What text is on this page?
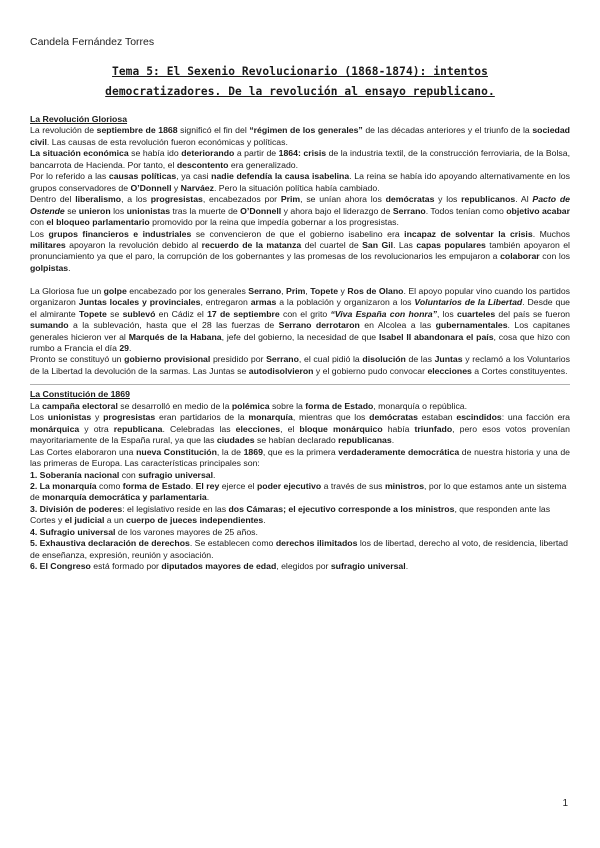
Candela Fernández Torres
Tema 5: El Sexenio Revolucionario (1868-1874): intentos
democratizadores. De la revolución al ensayo republicano.

La Revolución Gloriosa

La revolución de septiembre de 1868 significó el fin del “régimen de los generales” de las décadas anteriores y el triunfo de la sociedad civil. Las causas de esta revolución fueron económicas y políticas.

La situación económica se había ido deteriorando a partir de 1864: crisis de la industria textil, de la construcción ferroviaria, de la Bolsa, bancarrota de Hacienda. Por tanto, el descontento era generalizado.

Por lo referido a las causas políticas, ya casi nadie defendía la causa isabelina. La reina se había ido apoyando alternativamente en los grupos conservadores de O’Donnell y Narváez. Pero la situación política había cambiado.

Dentro del liberalismo, a los progresistas, encabezados por Prim, se unían ahora los demócratas y los republicanos. Al Pacto de Ostende se unieron los unionistas tras la muerte de O’Donnell y ahora bajo el liderazgo de Serrano. Todos tenían como objetivo acabar con el bloqueo parlamentario promovido por la reina que impedía gobernar a los progresistas.

Los grupos financieros e industriales se convencieron de que el gobierno isabelino era incapaz de solventar la crisis. Muchos militares apoyaron la revolución debido al recuerdo de la matanza del cuartel de San Gil. Las capas populares también apoyaron el pronunciamiento ya que el paro, la corrupción de los gobernantes y las promesas de los revolucionarios les empujaron a colaborar con los golpistas.

La Gloriosa fue un golpe encabezado por los generales Serrano, Prim, Topete y Ros de Olano. El apoyo popular vino cuando los partidos organizaron Juntas locales y provinciales, entregaron armas a la población y organizaron a los Voluntarios de la Libertad. Desde que el almirante Topete se sublevó en Cádiz el 17 de septiembre con el grito “Viva España con honra”, los cuarteles del país se fueron sumando a la sublevación, hasta que el 28 las fuerzas de Serrano derrotaron en Alcolea a las gubernamentales. Los capitanes generales hicieron ver al Marqués de la Habana, jefe del gobierno, la necesidad de que Isabel II abandonara el país, cosa que hizo con rumbo a Francia el día 29.

Pronto se constituyó un gobierno provisional presidido por Serrano, el cual pidió la disolución de las Juntas y reclamó a los Voluntarios de la Libertad la devolución de la sarmas. Las Juntas se autodisolvieron y el gobierno pudo convocar elecciones a Cortes constituyentes.

La Constitución de 1869

La campaña electoral se desarrolló en medio de la polémica sobre la forma de Estado, monarquía o república.

Los unionistas y progresistas eran partidarios de la monarquía, mientras que los demócratas estaban escindidos: una facción era monárquica y otra republicana. Celebradas las elecciones, el bloque monárquico había triunfado, pero esos votos provenían mayoritariamente de la España rural, ya que las ciudades se habían declarado republicanas.

Las Cortes elaboraron una nueva Constitución, la de 1869, que es la primera verdaderamente democrática de nuestra historia y una de las primeras de Europa. Las características principales son:

1. Soberanía nacional con sufragio universal.

2. La monarquía como forma de Estado. El rey ejerce el poder ejecutivo a través de sus ministros, por lo que estamos ante un sistema de monarquía democrática y parlamentaria.

3. División de poderes: el legislativo reside en las dos Cámaras; el ejecutivo corresponde a los ministros, que responden ante las Cortes y el judicial a un cuerpo de jueces independientes.

4. Sufragio universal de los varones mayores de 25 años.

5. Exhaustiva declaración de derechos. Se establecen como derechos ilimitados los de libertad, derecho al voto, de residencia, libertad de enseñanza, expresión, reunión y asociación.

6. El Congreso está formado por diputados mayores de edad, elegidos por sufragio universal.

1
